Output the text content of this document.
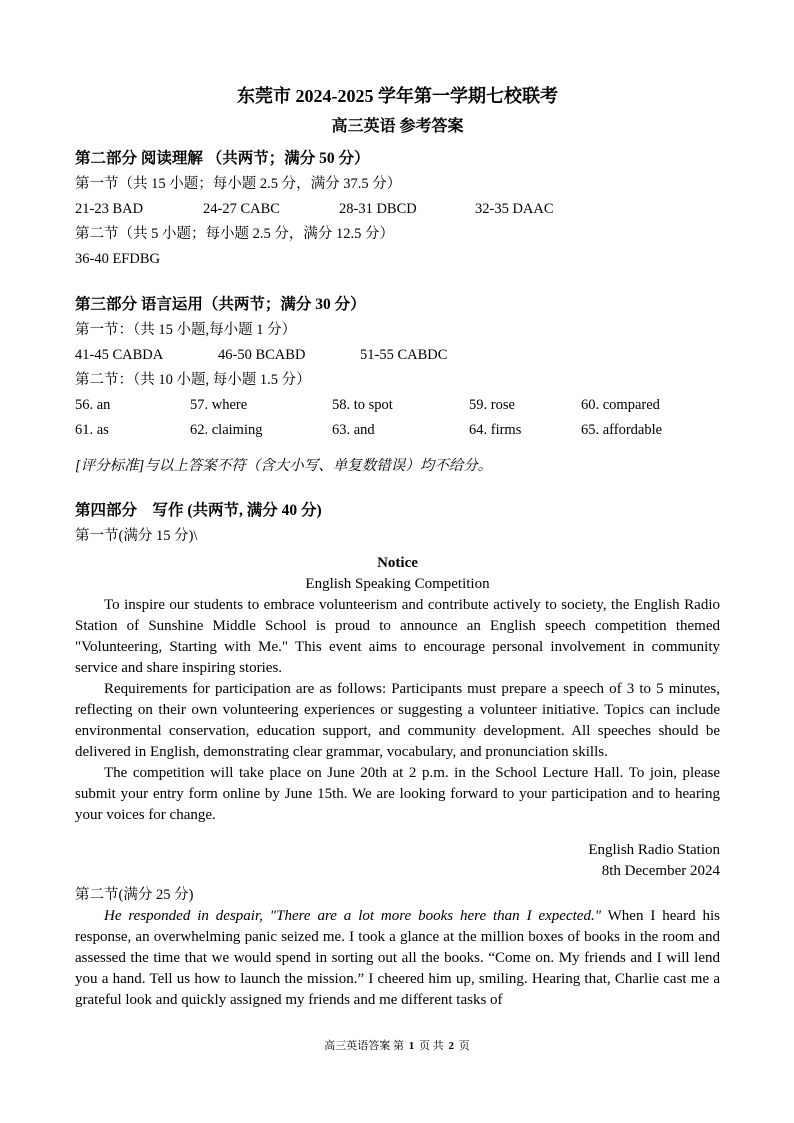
东莞市 2024-2025 学年第一学期七校联考
高三英语 参考答案
第二部分 阅读理解 （共两节；满分 50 分）
第一节（共 15 小题；每小题 2.5 分，满分 37.5 分）
21-23 BAD	24-27 CABC	28-31 DBCD	32-35 DAAC
第二节（共 5 小题；每小题 2.5 分，满分 12.5 分）
36-40 EFDBG
第三部分 语言运用（共两节；满分 30 分）
第一节：（共 15 小题,每小题 1 分）
41-45 CABDA	46-50 BCABD	51-55 CABDC
第二节：（共 10 小题, 每小题 1.5 分）
56. an	57. where	58. to spot	59. rose	60. compared
61. as	62. claiming	63. and	64. firms	65. affordable
[评分标准]与以上答案不符（含大小写、单复数错误）均不给分。
第四部分　写作 (共两节, 满分 40 分)
第一节(满分 15 分)\
Notice
English Speaking Competition

To inspire our students to embrace volunteerism and contribute actively to society, the English Radio Station of Sunshine Middle School is proud to announce an English speech competition themed "Volunteering, Starting with Me." This event aims to encourage personal involvement in community service and share inspiring stories.

Requirements for participation are as follows: Participants must prepare a speech of 3 to 5 minutes, reflecting on their own volunteering experiences or suggesting a volunteer initiative. Topics can include environmental conservation, education support, and community development. All speeches should be delivered in English, demonstrating clear grammar, vocabulary, and pronunciation skills.

The competition will take place on June 20th at 2 p.m. in the School Lecture Hall. To join, please submit your entry form online by June 15th. We are looking forward to your participation and to hearing your voices for change.

English Radio Station
8th December 2024
第二节(满分 25 分)

He responded in despair, "There are a lot more books here than I expected." When I heard his response, an overwhelming panic seized me. I took a glance at the million boxes of books in the room and assessed the time that we would spend in sorting out all the books. “Come on. My friends and I will lend you a hand. Tell us how to launch the mission.” I cheered him up, smiling. Hearing that, Charlie cast me a grateful look and quickly assigned my friends and me different tasks of

高三英语答案 第 1 页 共 2 页
